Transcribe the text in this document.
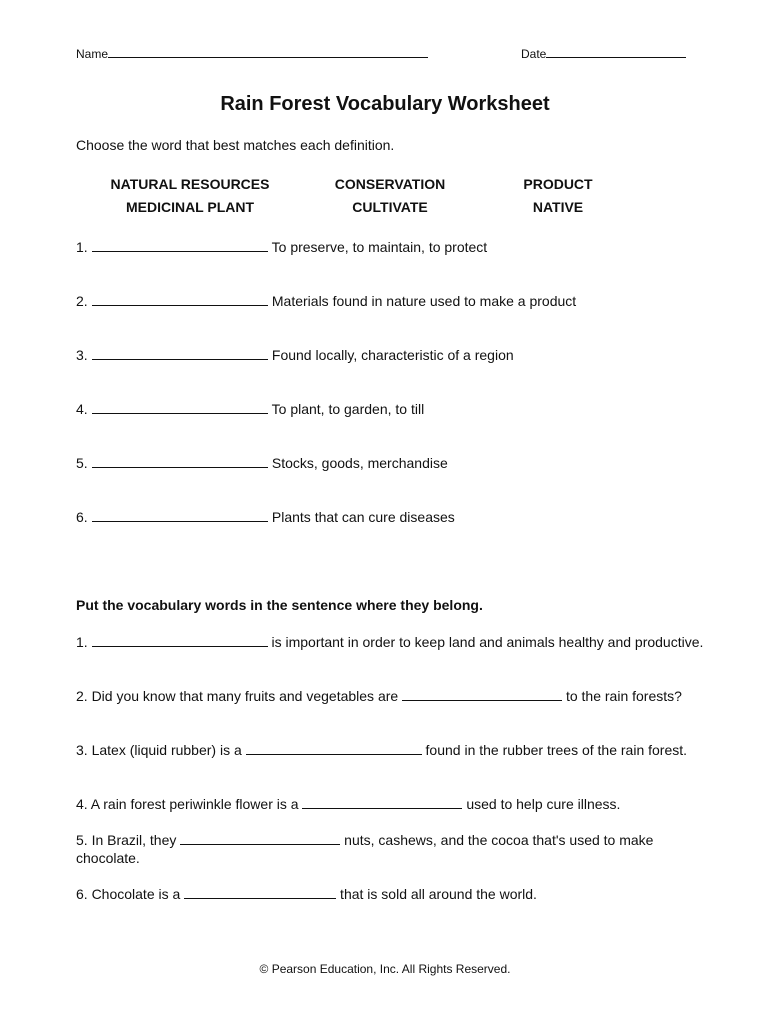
Name	Date
Rain Forest Vocabulary Worksheet
Choose the word that best matches each definition.
NATURAL RESOURCES	CONSERVATION	PRODUCT
MEDICINAL PLANT	CULTIVATE	NATIVE
1.	To preserve, to maintain, to protect
2.	Materials found in nature used to make a product
3.	Found locally, characteristic of a region
4.	To plant, to garden, to till
5.	Stocks, goods, merchandise
6.	Plants that can cure diseases
Put the vocabulary words in the sentence where they belong.
1.	is important in order to keep land and animals healthy and productive.
2. Did you know that many fruits and vegetables are	to the rain forests?
3. Latex (liquid rubber) is a	found in the rubber trees of the rain forest.
4. A rain forest periwinkle flower is a	used to help cure illness.
5. In Brazil, they	nuts, cashews, and the cocoa that's used to make chocolate.
6. Chocolate is a	that is sold all around the world.
© Pearson Education, Inc. All Rights Reserved.
